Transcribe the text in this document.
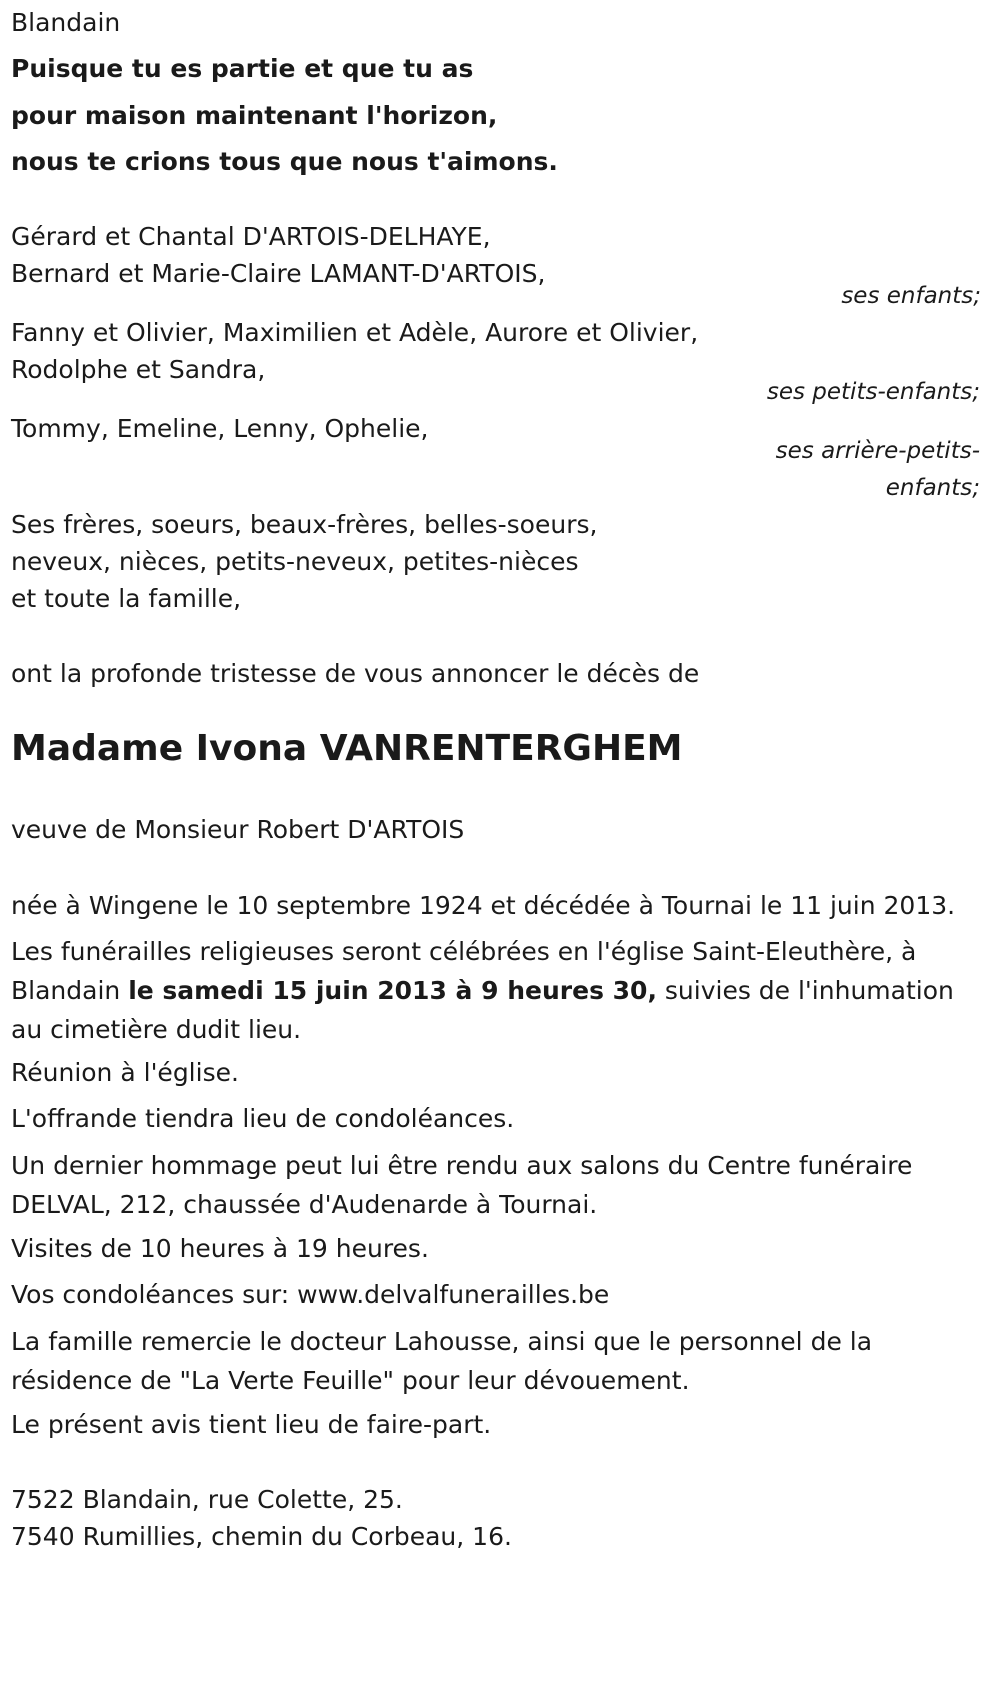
Blandain
Puisque tu es partie et que tu as
pour maison maintenant l'horizon,
nous te crions tous que nous t'aimons.
Gérard et Chantal D'ARTOIS-DELHAYE,
Bernard et Marie-Claire LAMANT-D'ARTOIS,
ses enfants;
Fanny et Olivier, Maximilien et Adèle, Aurore et Olivier,
Rodolphe et Sandra,
ses petits-enfants;
Tommy, Emeline, Lenny, Ophelie,
ses arrière-petits-
enfants;
Ses frères, soeurs, beaux-frères, belles-soeurs,
neveux, nièces, petits-neveux, petites-nièces
et toute la famille,
ont la profonde tristesse de vous annoncer le décès de
Madame Ivona VANRENTERGHEM
veuve de Monsieur Robert D'ARTOIS
née à Wingene le 10 septembre 1924 et décédée à Tournai le 11 juin 2013.
Les funérailles religieuses seront célébrées en l'église Saint-Eleuthère, à Blandain le samedi 15 juin 2013 à 9 heures 30, suivies de l'inhumation au cimetière dudit lieu.
Réunion à l'église.
L'offrande tiendra lieu de condoléances.
Un dernier hommage peut lui être rendu aux salons du Centre funéraire DELVAL, 212, chaussée d'Audenarde à Tournai.
Visites de 10 heures à 19 heures.
Vos condoléances sur: www.delvalfunerailles.be
La famille remercie le docteur Lahousse, ainsi que le personnel de la résidence de "La Verte Feuille" pour leur dévouement.
Le présent avis tient lieu de faire-part.
7522 Blandain, rue Colette, 25.
7540 Rumillies, chemin du Corbeau, 16.
